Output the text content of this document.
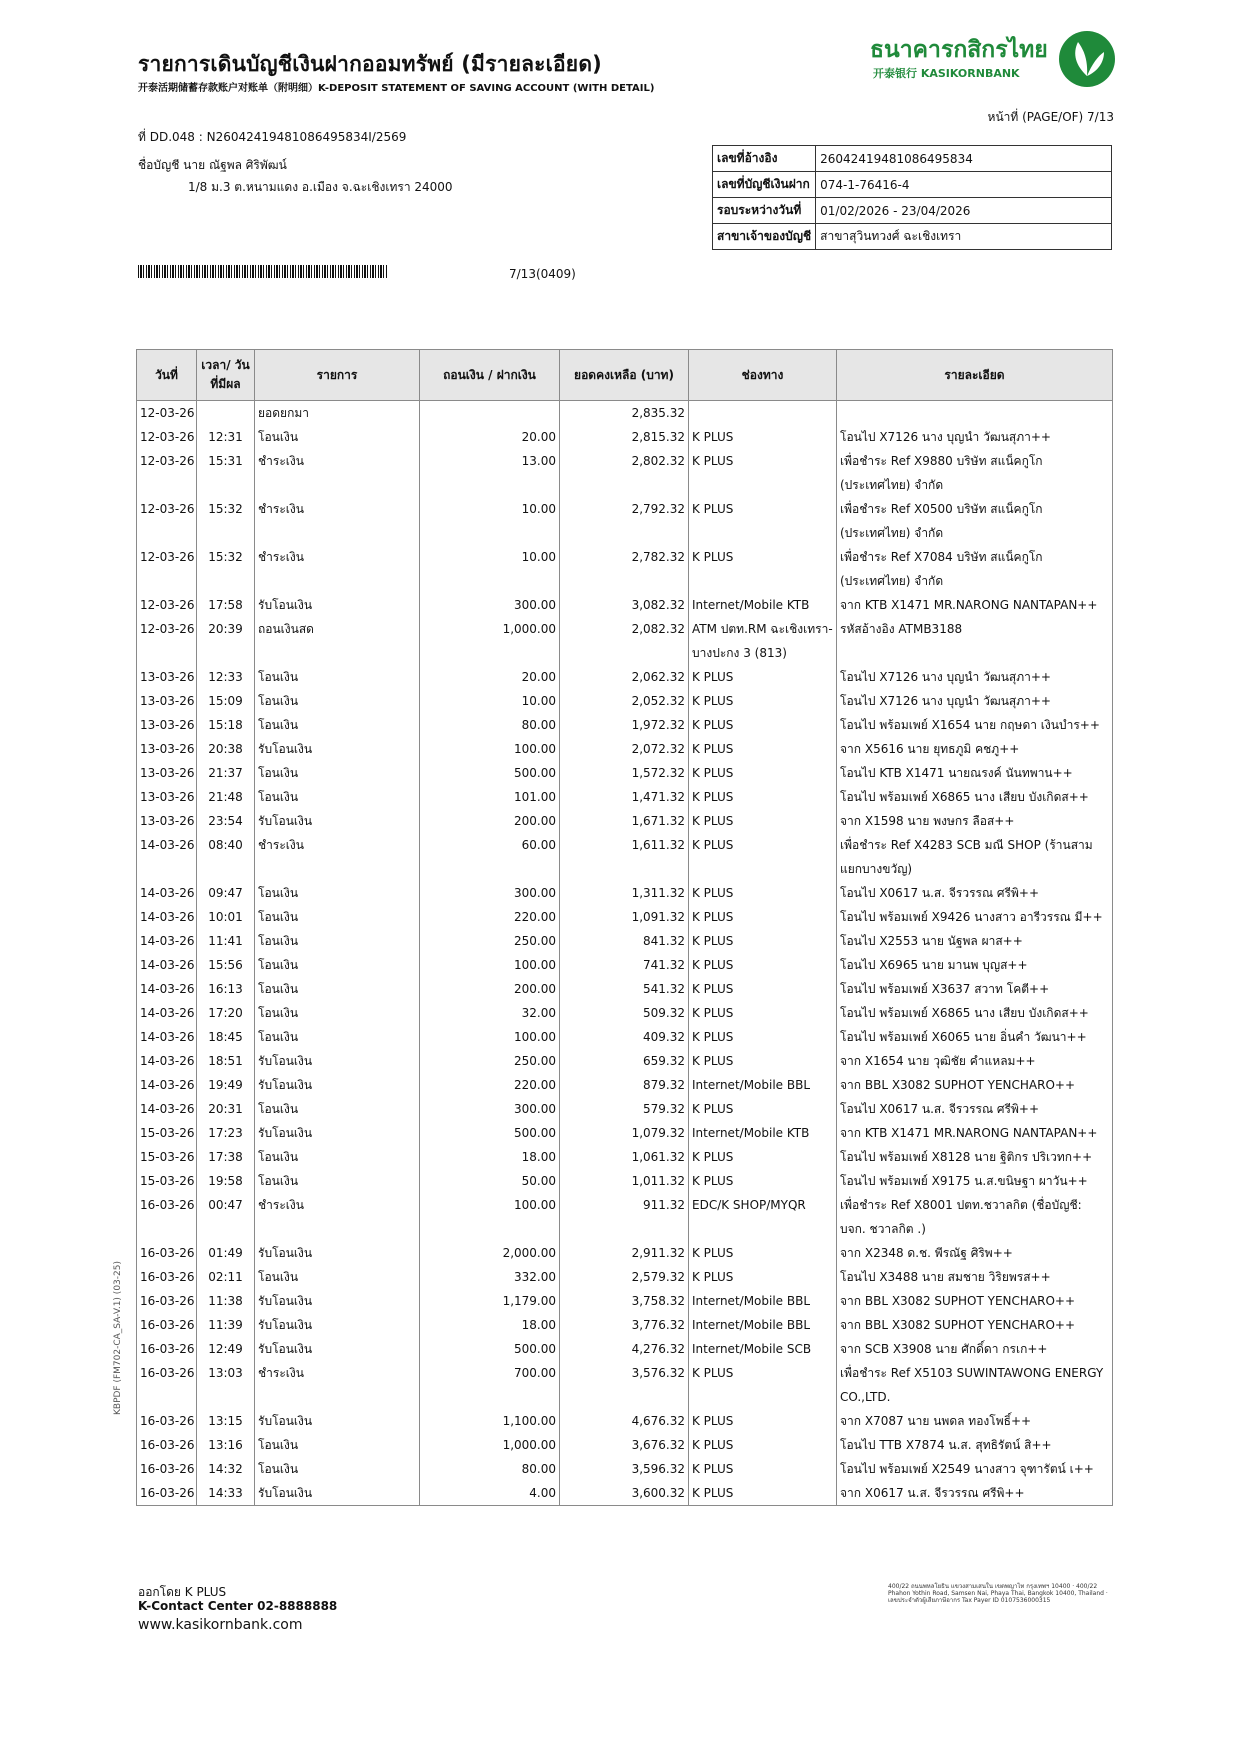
รายการเดินบัญชีเงินฝากออมทรัพย์ (มีรายละเอียด)
开泰活期储蓄存款账户对账单（附明细）K-DEPOSIT STATEMENT OF SAVING ACCOUNT (WITH DETAIL)
ธนาคารกสิกรไทย
开泰银行 KASIKORNBANK
หน้าที่ (PAGE/OF) 7/13
ที่ DD.048 : N26042419481086495834I/2569
ชื่อบัญชี นาย ณัฐพล ศิริพัฒน์
1/8 ม.3 ต.หนามแดง อ.เมือง จ.ฉะเชิงเทรา 24000
เลขที่อ้างอิง	26042419481086495834
เลขที่บัญชีเงินฝาก	074-1-76416-4
รอบระหว่างวันที่	01/02/2026 - 23/04/2026
สาขาเจ้าของบัญชี	สาขาสุวินทวงศ์ ฉะเชิงเทรา
7/13(0409)
วันที่	เวลา/ วันที่มีผล	รายการ	ถอนเงิน / ฝากเงิน	ยอดคงเหลือ (บาท)	ช่องทาง	รายละเอียด
12-03-26		ยอดยกมา		2,835.32		
12-03-26	12:31	โอนเงิน	20.00	2,815.32	K PLUS	โอนไป X7126 นาง บุญนำ วัฒนสุภา++
12-03-26	15:31	ชำระเงิน	13.00	2,802.32	K PLUS	เพื่อชำระ Ref X9880 บริษัท สแน็คกูโก (ประเทศไทย) จำกัด
12-03-26	15:32	ชำระเงิน	10.00	2,792.32	K PLUS	เพื่อชำระ Ref X0500 บริษัท สแน็คกูโก (ประเทศไทย) จำกัด
12-03-26	15:32	ชำระเงิน	10.00	2,782.32	K PLUS	เพื่อชำระ Ref X7084 บริษัท สแน็คกูโก (ประเทศไทย) จำกัด
12-03-26	17:58	รับโอนเงิน	300.00	3,082.32	Internet/Mobile KTB	จาก KTB X1471 MR.NARONG NANTAPAN++
12-03-26	20:39	ถอนเงินสด	1,000.00	2,082.32	ATM ปตท.RM ฉะเชิงเทรา-บางปะกง 3 (813)	รหัสอ้างอิง ATMB3188
13-03-26	12:33	โอนเงิน	20.00	2,062.32	K PLUS	โอนไป X7126 นาง บุญนำ วัฒนสุภา++
13-03-26	15:09	โอนเงิน	10.00	2,052.32	K PLUS	โอนไป X7126 นาง บุญนำ วัฒนสุภา++
13-03-26	15:18	โอนเงิน	80.00	1,972.32	K PLUS	โอนไป พร้อมเพย์ X1654 นาย กฤษดา เงินบำร++
13-03-26	20:38	รับโอนเงิน	100.00	2,072.32	K PLUS	จาก X5616 นาย ยุทธภูมิ คชภู++
13-03-26	21:37	โอนเงิน	500.00	1,572.32	K PLUS	โอนไป KTB X1471 นายณรงค์ นันทพาน++
13-03-26	21:48	โอนเงิน	101.00	1,471.32	K PLUS	โอนไป พร้อมเพย์ X6865 นาง เสียบ บังเกิดส++
13-03-26	23:54	รับโอนเงิน	200.00	1,671.32	K PLUS	จาก X1598 นาย พงษกร ลือส++
14-03-26	08:40	ชำระเงิน	60.00	1,611.32	K PLUS	เพื่อชำระ Ref X4283 SCB มณี SHOP (ร้านสามแยกบางขวัญ)
14-03-26	09:47	โอนเงิน	300.00	1,311.32	K PLUS	โอนไป X0617 น.ส. จีรวรรณ ศรีพิ++
14-03-26	10:01	โอนเงิน	220.00	1,091.32	K PLUS	โอนไป พร้อมเพย์ X9426 นางสาว อารีวรรณ มี++
14-03-26	11:41	โอนเงิน	250.00	841.32	K PLUS	โอนไป X2553 นาย นัฐพล ผาส++
14-03-26	15:56	โอนเงิน	100.00	741.32	K PLUS	โอนไป X6965 นาย มานพ บุญส++
14-03-26	16:13	โอนเงิน	200.00	541.32	K PLUS	โอนไป พร้อมเพย์ X3637 สวาท โคตี++
14-03-26	17:20	โอนเงิน	32.00	509.32	K PLUS	โอนไป พร้อมเพย์ X6865 นาง เสียบ บังเกิดส++
14-03-26	18:45	โอนเงิน	100.00	409.32	K PLUS	โอนไป พร้อมเพย์ X6065 นาย อิ่นคำ วัฒนา++
14-03-26	18:51	รับโอนเงิน	250.00	659.32	K PLUS	จาก X1654 นาย วุฒิชัย คำแหลม++
14-03-26	19:49	รับโอนเงิน	220.00	879.32	Internet/Mobile BBL	จาก BBL X3082 SUPHOT YENCHARO++
14-03-26	20:31	โอนเงิน	300.00	579.32	K PLUS	โอนไป X0617 น.ส. จีรวรรณ ศรีพิ++
15-03-26	17:23	รับโอนเงิน	500.00	1,079.32	Internet/Mobile KTB	จาก KTB X1471 MR.NARONG NANTAPAN++
15-03-26	17:38	โอนเงิน	18.00	1,061.32	K PLUS	โอนไป พร้อมเพย์ X8128 นาย ฐิติกร ปริเวทก++
15-03-26	19:58	โอนเงิน	50.00	1,011.32	K PLUS	โอนไป พร้อมเพย์ X9175 น.ส.ขนิษฐา ผาวัน++
16-03-26	00:47	ชำระเงิน	100.00	911.32	EDC/K SHOP/MYQR	เพื่อชำระ Ref X8001 ปตท.ชวาลกิต (ชื่อบัญชี: บจก. ชวาลกิต .)
16-03-26	01:49	รับโอนเงิน	2,000.00	2,911.32	K PLUS	จาก X2348 ด.ช. พีรณัฐ ศิริพ++
16-03-26	02:11	โอนเงิน	332.00	2,579.32	K PLUS	โอนไป X3488 นาย สมชาย วิริยพรส++
16-03-26	11:38	รับโอนเงิน	1,179.00	3,758.32	Internet/Mobile BBL	จาก BBL X3082 SUPHOT YENCHARO++
16-03-26	11:39	รับโอนเงิน	18.00	3,776.32	Internet/Mobile BBL	จาก BBL X3082 SUPHOT YENCHARO++
16-03-26	12:49	รับโอนเงิน	500.00	4,276.32	Internet/Mobile SCB	จาก SCB X3908 นาย ศักดิ์ดา กรเก++
16-03-26	13:03	ชำระเงิน	700.00	3,576.32	K PLUS	เพื่อชำระ Ref X5103 SUWINTAWONG ENERGY CO.,LTD.
16-03-26	13:15	รับโอนเงิน	1,100.00	4,676.32	K PLUS	จาก X7087 นาย นพดล ทองโพธิ์++
16-03-26	13:16	โอนเงิน	1,000.00	3,676.32	K PLUS	โอนไป TTB X7874 น.ส. สุทธิรัตน์ สิ++
16-03-26	14:32	โอนเงิน	80.00	3,596.32	K PLUS	โอนไป พร้อมเพย์ X2549 นางสาว จุฑารัตน์ เ++
16-03-26	14:33	รับโอนเงิน	4.00	3,600.32	K PLUS	จาก X0617 น.ส. จีรวรรณ ศรีพิ++
KBPDF (FM702-CA_SA-V.1) (03-25)
ออกโดย K PLUS
K-Contact Center 02-8888888
www.kasikornbank.com
400/22 ถนนพหลโยธิน แขวงสามเสนใน เขตพญาไท กรุงเทพฯ 10400 · 400/22 Phahon Yothin Road, Samsen Nai, Phaya Thai, Bangkok 10400, Thailand · เลขประจำตัวผู้เสียภาษีอากร Tax Payer ID 0107536000315
